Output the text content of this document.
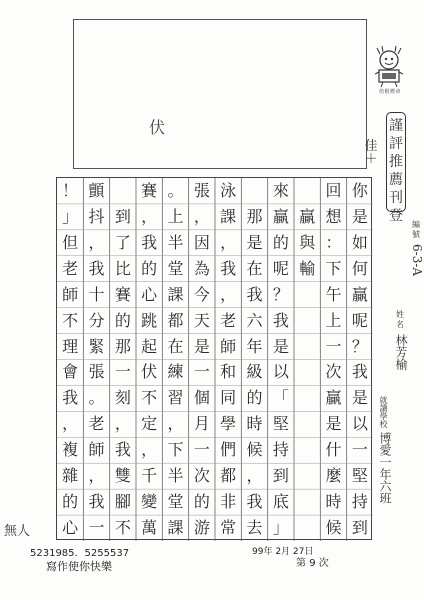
伏
培根標章
謹評推薦刊登
佳＋
你
是
如
何
贏
呢
？
我
是
以
一
堅
持
到
回
想
：
下
午
上
一
次
贏
是
什
麼
時
候
贏
與
輸
來
贏
的
呢
？
我
是
以
「
堅
持
到
底
」
那
是
在
我
六
年
級
的
時
候
，
我
去
泳
課
，
我
，
老
師
和
同
學
們
都
非
常
張
，
因
為
今
天
是
一
個
月
一
次
的
游
。
上
半
堂
課
都
在
練
習
，
下
半
堂
課
賽
，
我
的
心
跳
起
伏
不
定
，
千
變
萬
到
了
比
賽
的
那
一
刻
，
我
雙
腳
不
顫
抖
，
我
十
分
緊
張
。
老
師
，
我
一
！
」
但
老
師
不
理
會
我
，
複
雜
的
心
編號
6-3-A
姓名
林芳榆
就讀學校
博愛一年六班
無人
5231985．5255537
寫作使你快樂
99年 2月 27日
第 9 次
